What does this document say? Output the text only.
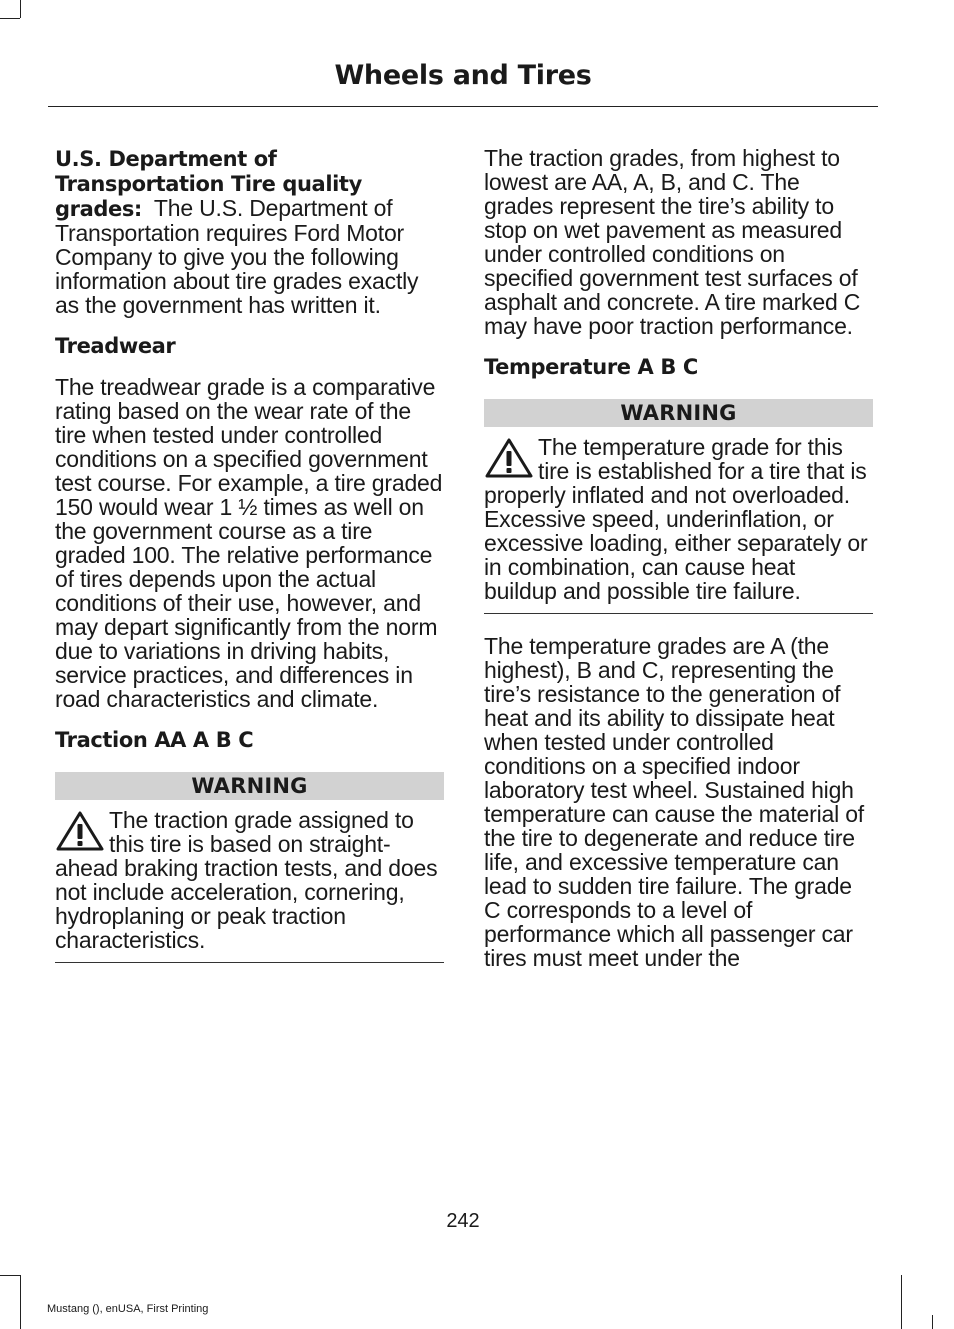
Wheels and Tires

U.S. Department of Transportation Tire quality grades: The U.S. Department of Transportation requires Ford Motor Company to give you the following information about tire grades exactly as the government has written it.

Treadwear

The treadwear grade is a comparative rating based on the wear rate of the tire when tested under controlled conditions on a specified government test course. For example, a tire graded 150 would wear 1 ½ times as well on the government course as a tire graded 100. The relative performance of tires depends upon the actual conditions of their use, however, and may depart significantly from the norm due to variations in driving habits, service practices, and differences in road characteristics and climate.

Traction AA A B C
WARNING

The traction grade assigned to this tire is based on straight-ahead braking traction tests, and does not include acceleration, cornering, hydroplaning or peak traction characteristics.

The traction grades, from highest to lowest are AA, A, B, and C. The grades represent the tire’s ability to stop on wet pavement as measured under controlled conditions on specified government test surfaces of asphalt and concrete. A tire marked C may have poor traction performance.

Temperature A B C
WARNING

The temperature grade for this tire is established for a tire that is properly inflated and not overloaded. Excessive speed, underinflation, or excessive loading, either separately or in combination, can cause heat buildup and possible tire failure.

The temperature grades are A (the highest), B and C, representing the tire’s resistance to the generation of heat and its ability to dissipate heat when tested under controlled conditions on a specified indoor laboratory test wheel. Sustained high temperature can cause the material of the tire to degenerate and reduce tire life, and excessive temperature can lead to sudden tire failure. The grade C corresponds to a level of performance which all passenger car tires must meet under the

242
Mustang (), enUSA, First Printing
